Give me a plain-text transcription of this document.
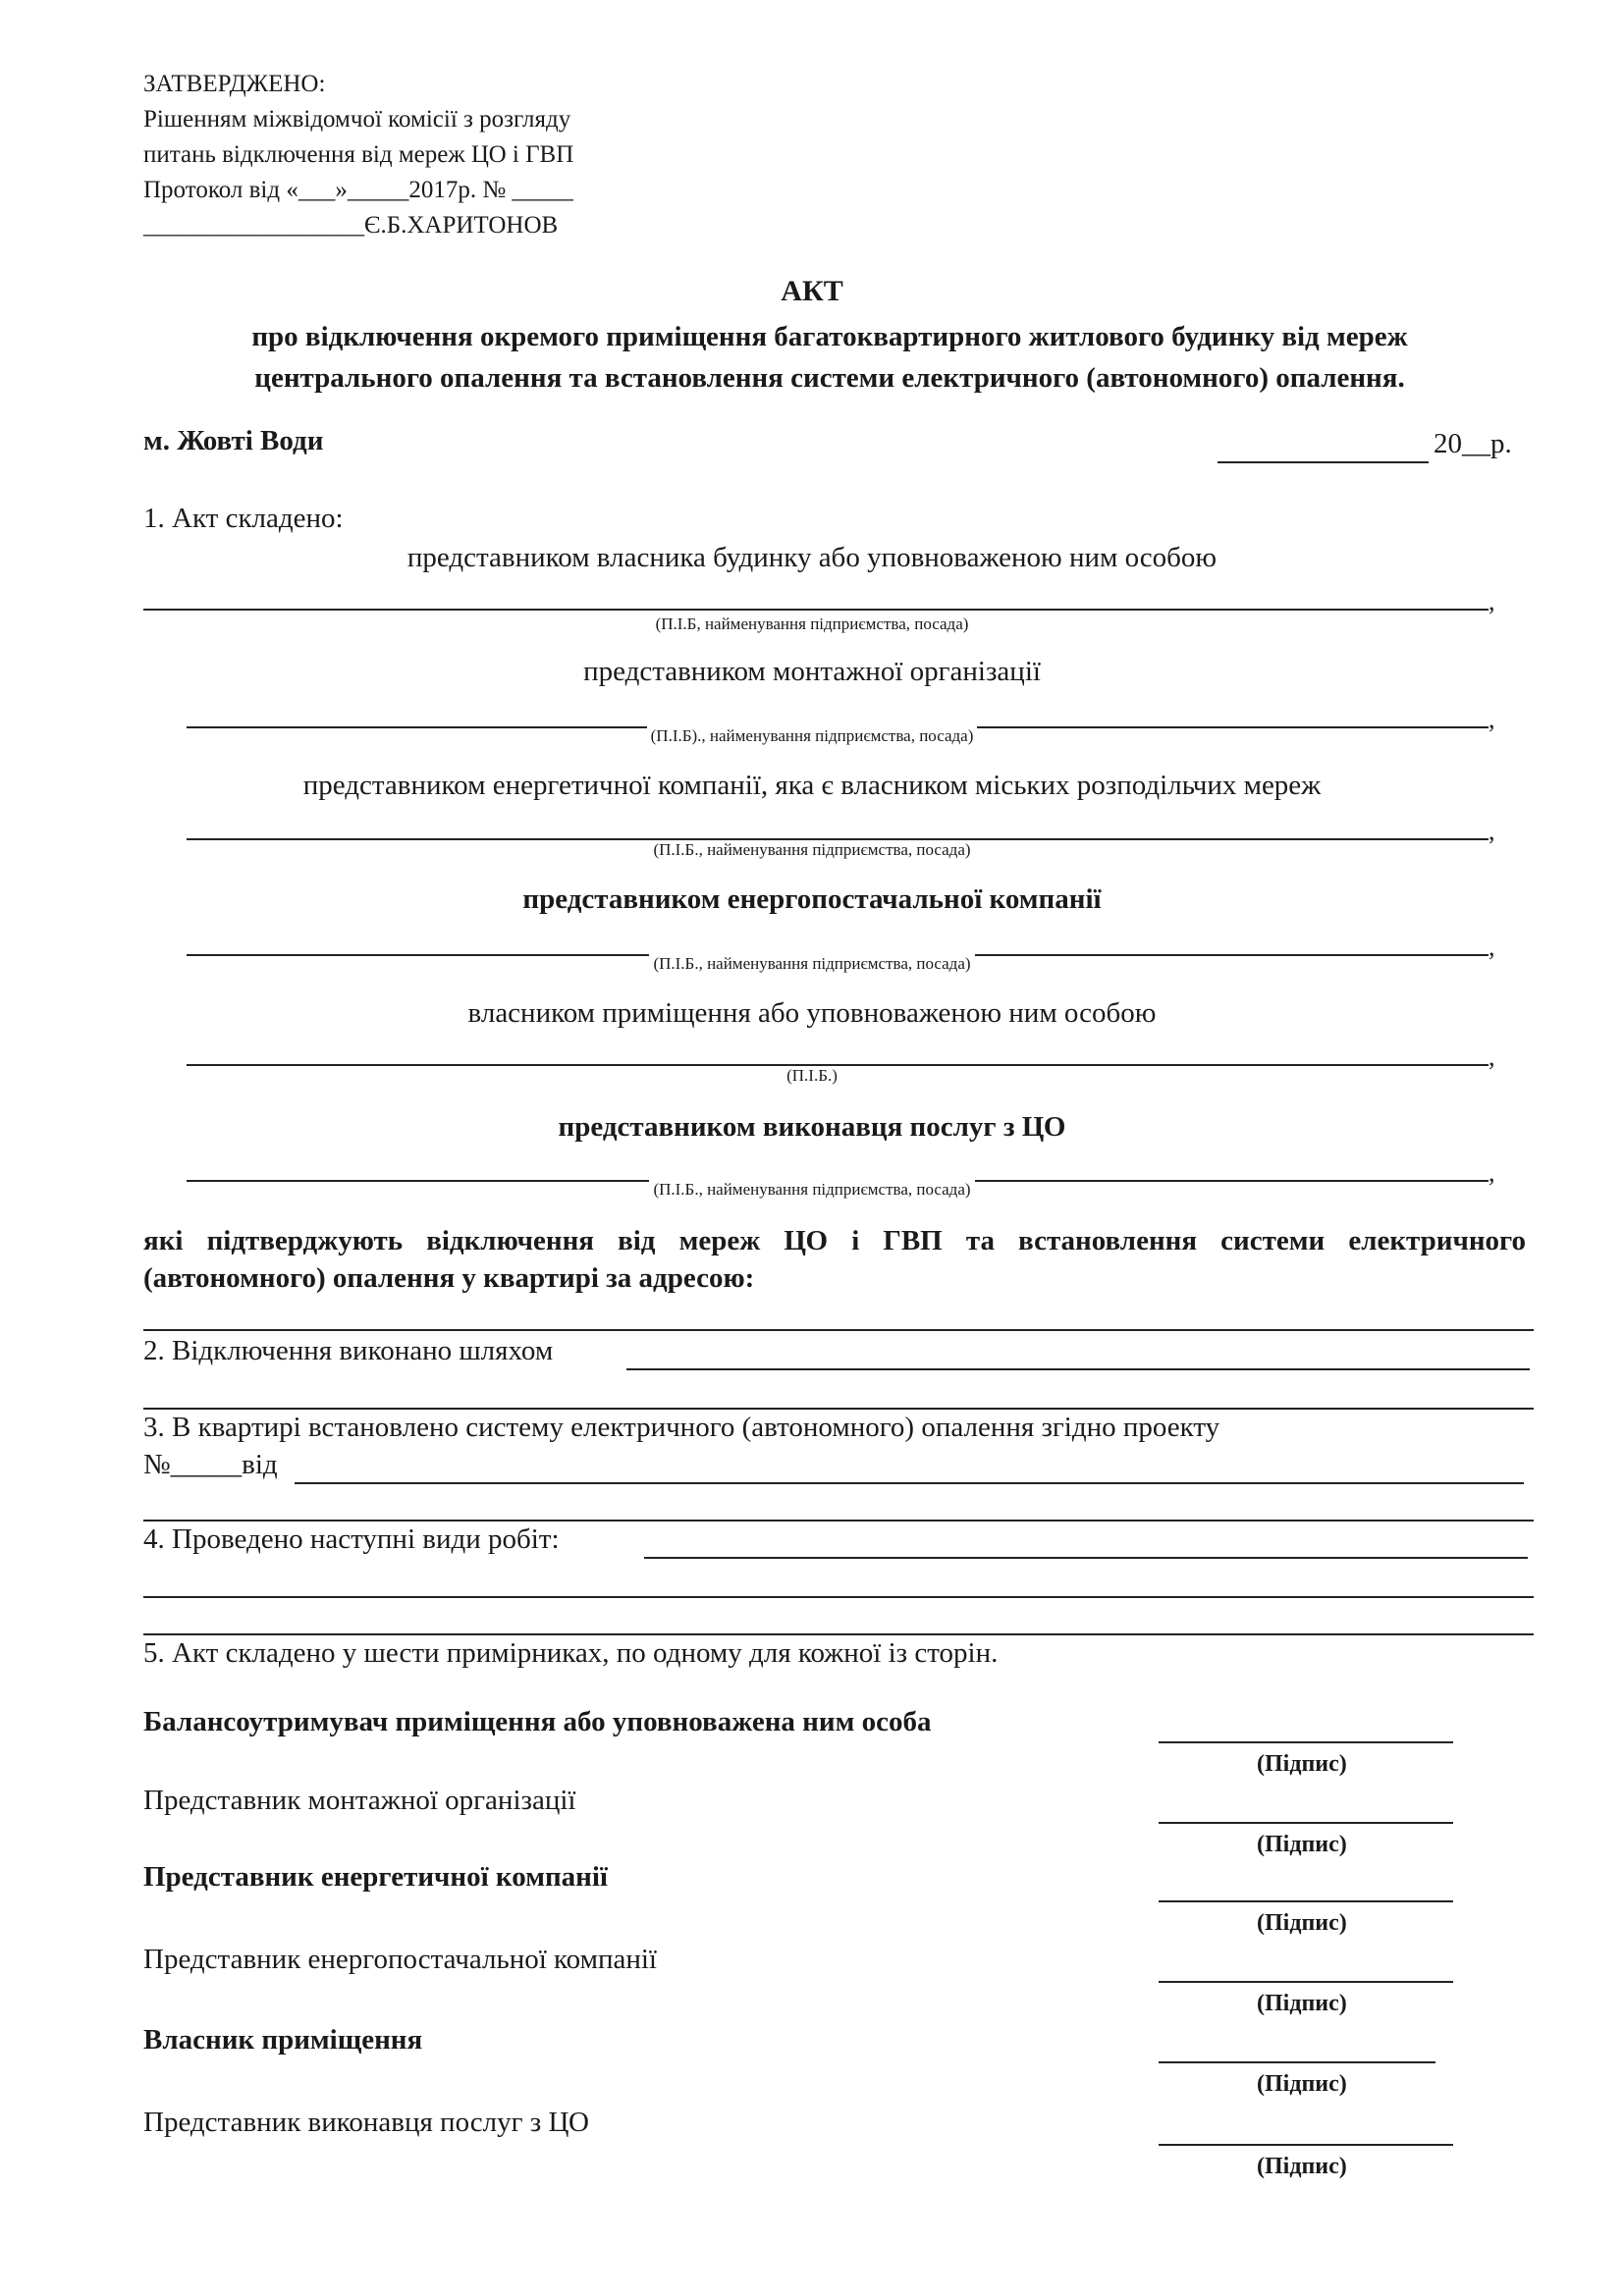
ЗАТВЕРДЖЕНО:
Рішенням міжвідомчої комісії з розгляду
питань відключення від мереж ЦО і ГВП
Протокол від «___»_____2017р. № _____
__________________Є.Б.ХАРИТОНОВ
АКТ
про відключення окремого приміщення багатоквартирного житлового будинку від мереж
центрального опалення та встановлення системи електричного (автономного) опалення.
м. Жовті Води	20__р.
1. Акт складено:
представником власника будинку або уповноваженою ним особою
,
(П.І.Б, найменування підприємства, посада)
представником монтажної організації
,
(П.І.Б)., найменування підприємства, посада)
представником енергетичної компанії, яка є власником міських розподільчих мереж
,
(П.І.Б., найменування підприємства, посада)
представником енергопостачальної компанії
,
(П.І.Б., найменування підприємства, посада)
власником приміщення або уповноваженою ним особою
,
(П.І.Б.)
представником виконавця послуг з ЦО
,
(П.І.Б., найменування підприємства, посада)
які підтверджують відключення від мереж ЦО і ГВП та встановлення системи електричного
(автономного) опалення у квартирі за адресою:
2. Відключення виконано шляхом
3. В квартирі встановлено систему електричного (автономного) опалення згідно проекту
№_____від
4. Проведено наступні види робіт:
5. Акт складено у шести примірниках, по одному для кожної із сторін.
Балансоутримувач приміщення або уповноважена ним особа
(Підпис)
Представник монтажної організації
(Підпис)
Представник енергетичної компанії
(Підпис)
Представник енергопостачальної компанії
(Підпис)
Власник приміщення
(Підпис)
Представник виконавця послуг з ЦО
(Підпис)
